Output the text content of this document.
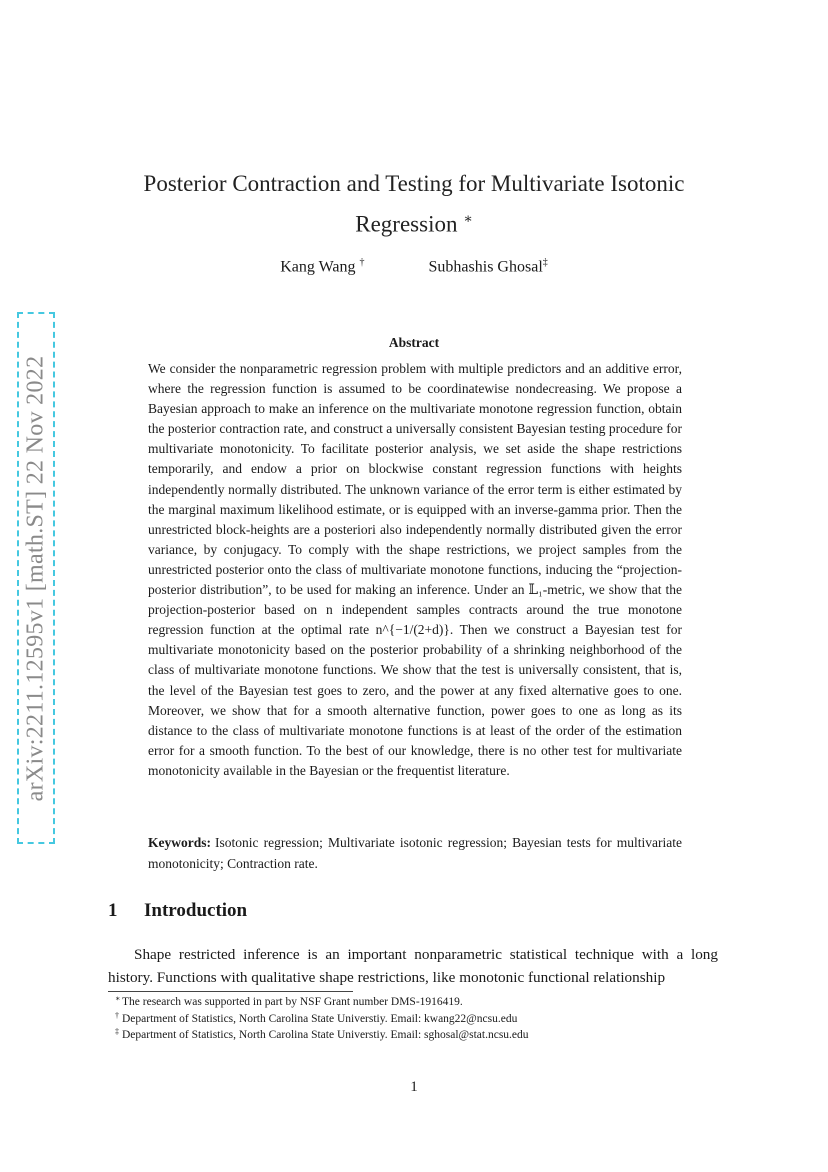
arXiv:2211.12595v1 [math.ST] 22 Nov 2022
Posterior Contraction and Testing for Multivariate Isotonic
Regression ∗
Kang Wang †	Subhashis Ghosal‡
Abstract
We consider the nonparametric regression problem with multiple predictors and an additive error, where the regression function is assumed to be coordinatewise nondecreasing. We propose a Bayesian approach to make an inference on the multivariate monotone regression function, obtain the posterior contraction rate, and construct a universally consistent Bayesian testing procedure for multivariate monotonicity. To facilitate posterior analysis, we set aside the shape restrictions temporarily, and endow a prior on blockwise constant regression functions with heights independently normally distributed. The unknown variance of the error term is either estimated by the marginal maximum likelihood estimate, or is equipped with an inverse-gamma prior. Then the unrestricted block-heights are a posteriori also independently normally distributed given the error variance, by conjugacy. To comply with the shape restrictions, we project samples from the unrestricted posterior onto the class of multivariate monotone functions, inducing the “projection-posterior distribution”, to be used for making an inference. Under an 𝕃₁-metric, we show that the projection-posterior based on n independent samples contracts around the true monotone regression function at the optimal rate n^{−1/(2+d)}. Then we construct a Bayesian test for multivariate monotonicity based on the posterior probability of a shrinking neighborhood of the class of multivariate monotone functions. We show that the test is universally consistent, that is, the level of the Bayesian test goes to zero, and the power at any fixed alternative goes to one. Moreover, we show that for a smooth alternative function, power goes to one as long as its distance to the class of multivariate monotone functions is at least of the order of the estimation error for a smooth function. To the best of our knowledge, there is no other test for multivariate monotonicity available in the Bayesian or the frequentist literature.
Keywords: Isotonic regression; Multivariate isotonic regression; Bayesian tests for multivariate monotonicity; Contraction rate.
1 Introduction
Shape restricted inference is an important nonparametric statistical technique with a long history. Functions with qualitative shape restrictions, like monotonic functional relationship
∗ The research was supported in part by NSF Grant number DMS-1916419.
† Department of Statistics, North Carolina State Universtiy. Email: kwang22@ncsu.edu
‡ Department of Statistics, North Carolina State Universtiy. Email: sghosal@stat.ncsu.edu
1
